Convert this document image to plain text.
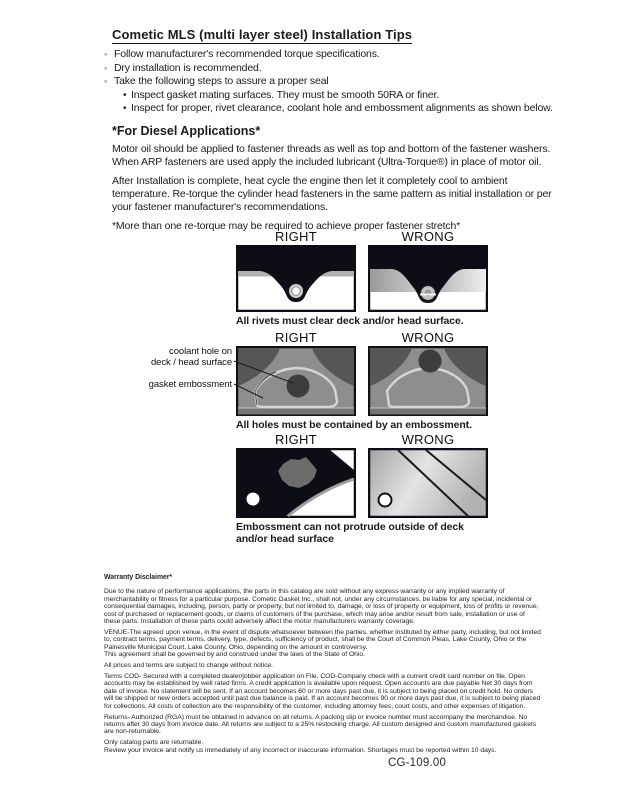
Cometic MLS (multi layer steel) Installation Tips
◦ Follow manufacturer's recommended torque specifications.
◦ Dry installation is recommended.
◦ Take the following steps to assure a proper seal
• Inspect gasket mating surfaces. They must be smooth 50RA or finer.
• Inspect for proper, rivet clearance, coolant hole and embossment alignments as shown below.
*For Diesel Applications*

Motor oil should be applied to fastener threads as well as top and bottom of the fastener washers. When ARP fasteners are used apply the included lubricant (Ultra-Torque®) in place of motor oil.

After Installation is complete, heat cycle the engine then let it completely cool to ambient temperature. Re-torque the cylinder head fasteners in the same pattern as initial installation or per your fastener manufacturer's recommendations.

*More than one re-torque may be required to achieve proper fastener stretch*

RIGHT	WRONG
All rivets must clear deck and/or head surface.
RIGHT	WRONG
All holes must be contained by an embossment.
coolant hole on
deck / head surface
gasket embossment
RIGHT	WRONG
Embossment can not protrude outside of deck
and/or head surface
Warranty Disclaimer*

Due to the nature of performance applications, the parts in this catalog are sold without any express warranty or any implied warranty of merchantability or fitness for a particular purpose. Cometic Gasket Inc., shall not, under any circumstances, be liable for any special, incidental or consequential damages, including, person, party or property, but not limited to, damage, or loss of property or equipment, loss of profits or revenue, cost of purchased or replacement goods, or claims of customers of the purchase, which may arise and/or result from sale, installation or use of these parts. Installation of these parts could adversely affect the motor manufacturers warranty coverage.

VENUE-The agreed upon venue, in the event of dispute whatsoever between the parties, whether instituted by either party, including, but not limited to, contract terms, payment terms, delivery, type, defects, sufficiency of product, shall be the Court of Common Pleas, Lake County, Ohio or the Painesville Municipal Court, Lake County, Ohio, depending on the amount in controversy.

This agreement shall be governed by and construed under the laws of the State of Ohio.

All prices and terms are subject to change without notice.

Terms COD- Secured with a completed dealer/jobber application on File, COD-Company check with a current credit card number on file. Open accounts may be established by well rated firms. A credit application is available upon request. Open accounts are due payable Net 30 days from date of invoice. No statement will be sent. If an account becomes 60 or more days past due, it is subject to being placed on credit hold. No orders will be shipped or new orders accepted until past due balance is paid. If an account becomes 90 or more days past due, it is subject to being placed for collections. All costs of collection are the responsibility of the customer, including attorney fees, court costs, and other expenses of litigation.

Returns- Authorized (RGA) must be obtained in advance on all returns. A packing slip or invoice number must accompany the merchandise. No returns after 30 days from invoice date. All returns are subject to a 25% restocking charge. All custom designed and custom manufactured gaskets are non-returnable.

Only catalog parts are returnable.

Review your invoice and notify us immediately of any incorrect or inaccurate information. Shortages must be reported within 10 days.

CG-109.00
